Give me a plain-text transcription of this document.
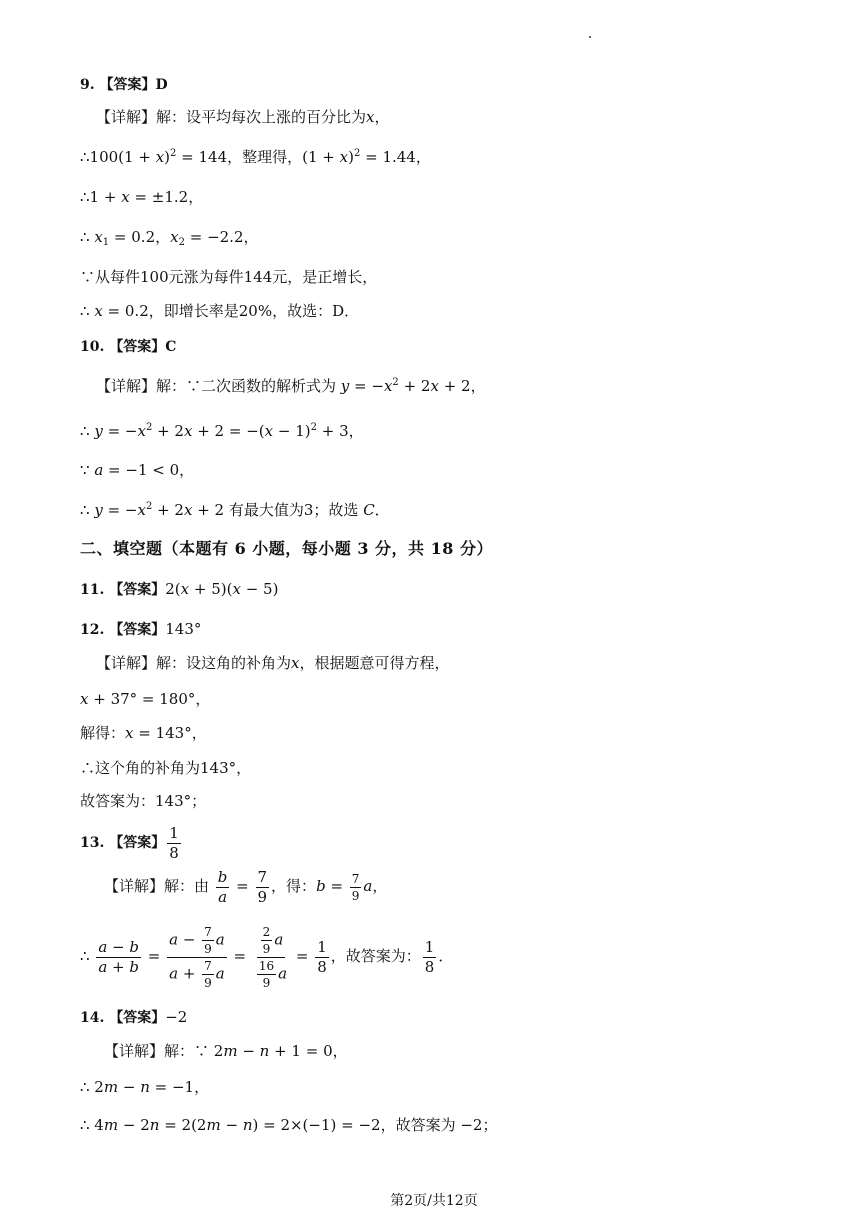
9. 【答案】D
【详解】解：设平均每次上涨的百分比为x，
∴100(1 + x)$^2$ = 144，整理得，$(1 + x)^2 = 1.44$，
∴1 + x = ±1.2，
∴ $x_1 = 0.2$，$x_2 = -2.2$，
∵从每件100元涨为每件144元，是正增长，
∴ x = 0.2，即增长率是20%，故选：D．
10. 【答案】C
【详解】解：∵二次函数的解析式为 $y = -x^2 + 2x + 2$，
∴ $y = -x^2 + 2x + 2 = -(x - 1)^2 + 3$，
∵ a = −1 < 0，
∴ $y = -x^2 + 2x + 2$ 有最大值为3；故选 C．
二、填空题（本题有 6 小题，每小题 3 分，共 18 分）
11. 【答案】2(x + 5)(x − 5)
12. 【答案】143°
【详解】解：设这角的补角为x，根据题意可得方程，
x + 37° = 180°，
解得：x = 143°，
∴这个角的补角为143°，
故答案为：143°；
13. 【答案】 $\frac{1}{8}$
【详解】解：由 $\frac{b}{a} = \frac{7}{9}$ ，得：$b = \frac{7}{9}$ a，
∴ $\frac{a - b}{a + b} = \frac{a - \frac{7}{9} a}{a + \frac{7}{9} a} = \frac{\frac{2}{9} a}{\frac{16}{9} a} = \frac{1}{8}$ ，故答案为： $\frac{1}{8}$ ．
14. 【答案】−2
【详解】解：∵ 2m − n + 1 = 0，
∴ 2m − n = −1，
∴ 4m − 2n = 2(2m − n) = 2×(−1) = −2，故答案为 −2；
第2页/共12页
